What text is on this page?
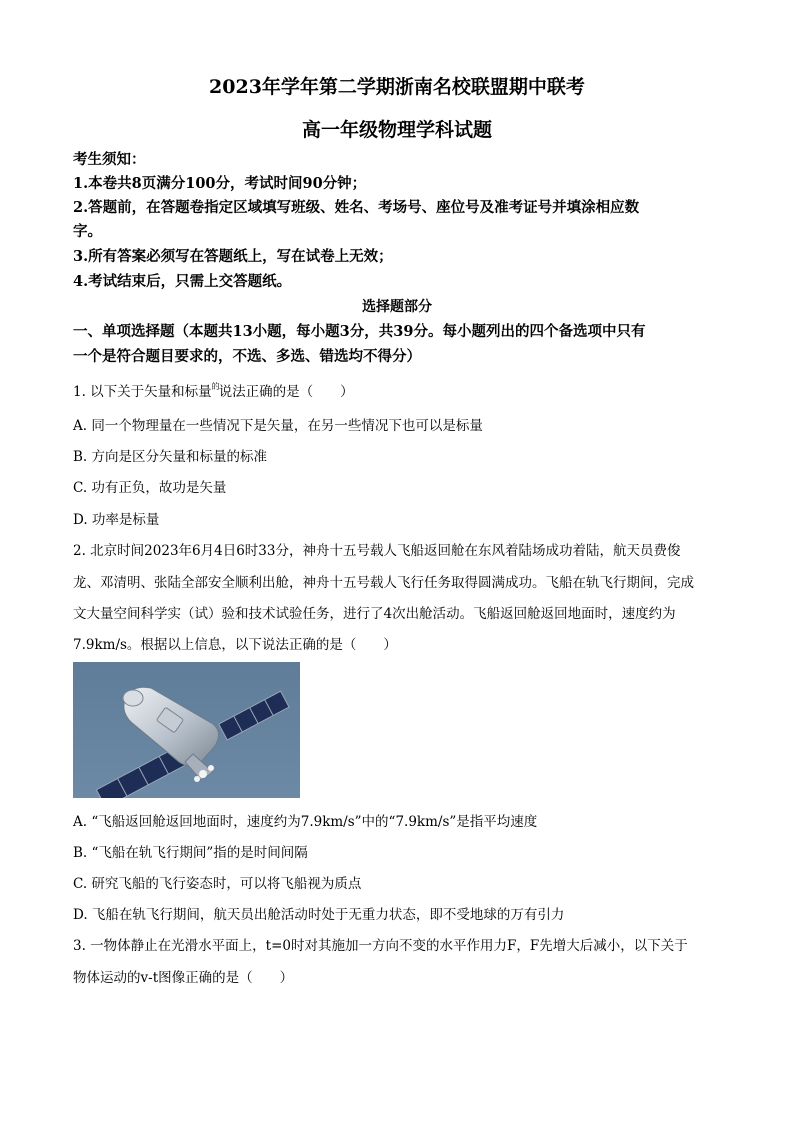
2023年学年第二学期浙南名校联盟期中联考
高一年级物理学科试题
考生须知：
1.本卷共8页满分100分，考试时间90分钟；
2.答题前，在答题卷指定区域填写班级、姓名、考场号、座位号及准考证号并填涂相应数
字。
3.所有答案必须写在答题纸上，写在试卷上无效；
4.考试结束后，只需上交答题纸。
选择题部分
一、单项选择题（本题共13小题，每小题3分，共39分。每小题列出的四个备选项中只有
一个是符合题目要求的，不选、多选、错选均不得分）
1. 以下关于矢量和标量$^的$说法正确的是（　　）
A. 同一个物理量在一些情况下是矢量，在另一些情况下也可以是标量
B. 方向是区分矢量和标量的标准
C. 功有正负，故功是矢量
D. 功率是标量
2. 北京时间2023年6月4日6时33分，神舟十五号载人飞船返回舱在东风着陆场成功着陆，航天员费俊
龙、邓清明、张陆全部安全顺利出舱，神舟十五号载人飞行任务取得圆满成功。飞船在轨飞行期间，完成
文大量空间科学实（试）验和技术试验任务，进行了4次出舱活动。飞船返回舱返回地面时，速度约为
7.9km/s。根据以上信息，以下说法正确的是（　　）
A. “飞船返回舱返回地面时，速度约为7.9km/s”中的“7.9km/s”是指平均速度
B. “飞船在轨飞行期间”指的是时间间隔
C. 研究飞船的飞行姿态时，可以将飞船视为质点
D. 飞船在轨飞行期间，航天员出舱活动时处于无重力状态，即不受地球的万有引力
3. 一物体静止在光滑水平面上，t=0时对其施加一方向不变的水平作用力F，F先增大后减小，以下关于
物体运动的v-t图像正确的是（　　）
